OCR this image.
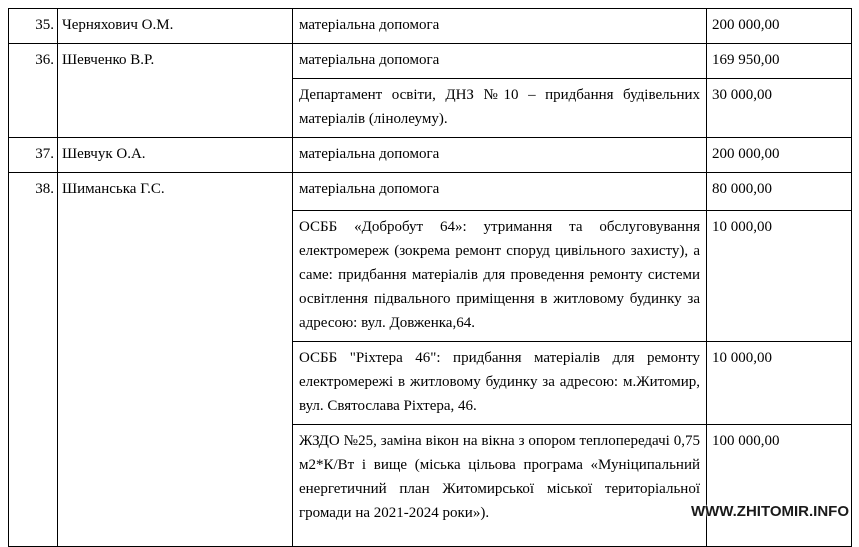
35.	Черняхович О.М.	матеріальна допомога	200 000,00
36.	Шевченко В.Р.	матеріальна допомога	169 950,00
		Департамент освіти, ДНЗ №10 – придбання будівельних матеріалів (лінолеуму).	30 000,00
37.	Шевчук О.А.	матеріальна допомога	200 000,00
38.	Шиманська Г.С.	матеріальна допомога	80 000,00
		ОСББ «Добробут 64»: утримання та обслуговування електромереж (зокрема ремонт споруд цивільного захисту), а саме: придбання матеріалів для проведення ремонту системи освітлення підвального приміщення в житловому будинку за адресою: вул. Довженка,64.	10 000,00
		ОСББ "Ріхтера 46": придбання матеріалів для ремонту електромережі в житловому будинку за адресою: м.Житомир, вул. Святослава Ріхтера, 46.	10 000,00
		ЖЗДО №25, заміна вікон на вікна з опором теплопередачі 0,75 м2*К/Вт і вище (міська цільова програма «Муніципальний енергетичний план Житомирської міської територіальної громади на 2021-2024 роки»).	100 000,00
WWW.ZHITOMIR.INFO
